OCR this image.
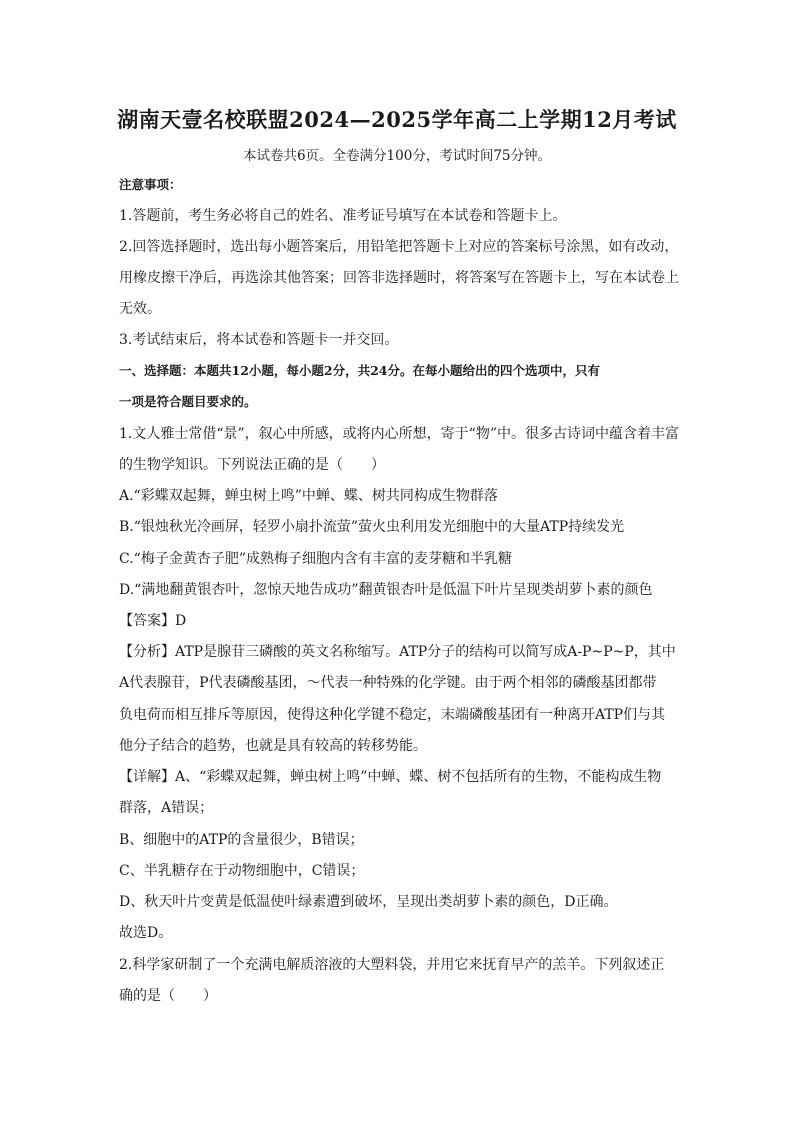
湖南天壹名校联盟2024—2025学年高二上学期12月考试
本试卷共6页。全卷满分100分，考试时间75分钟。
注意事项：
1.答题前，考生务必将自己的姓名、准考证号填写在本试卷和答题卡上。
2.回答选择题时，选出每小题答案后，用铅笔把答题卡上对应的答案标号涂黑，如有改动，
用橡皮擦干净后，再选涂其他答案；回答非选择题时，将答案写在答题卡上，写在本试卷上
无效。
3.考试结束后，将本试卷和答题卡一并交回。
一、选择题：本题共12小题，每小题2分，共24分。在每小题给出的四个选项中，只有
一项是符合题目要求的。
1.文人雅士常借“景”，叙心中所感，或将内心所想，寄于“物”中。很多古诗词中蕴含着丰富
的生物学知识。下列说法正确的是（　　）
A.“彩蝶双起舞，蝉虫树上鸣”中蝉、蝶、树共同构成生物群落
B.“银烛秋光冷画屏，轻罗小扇扑流萤”萤火虫利用发光细胞中的大量ATP持续发光
C.“梅子金黄杏子肥”成熟梅子细胞内含有丰富的麦芽糖和半乳糖
D.“满地翻黄银杏叶，忽惊天地告成功”翻黄银杏叶是低温下叶片呈现类胡萝卜素的颜色
【答案】D
【分析】ATP是腺苷三磷酸的英文名称缩写。ATP分子的结构可以简写成A-P~P~P，其中
A代表腺苷，P代表磷酸基团，～代表一种特殊的化学键。由于两个相邻的磷酸基团都带
负电荷而相互排斥等原因，使得这种化学键不稳定，末端磷酸基团有一种离开ATP们与其
他分子结合的趋势，也就是具有较高的转移势能。
【详解】A、“彩蝶双起舞，蝉虫树上鸣”中蝉、蝶、树不包括所有的生物，不能构成生物
群落，A错误；
B、细胞中的ATP的含量很少，B错误；
C、半乳糖存在于动物细胞中，C错误；
D、秋天叶片变黄是低温使叶绿素遭到破坏，呈现出类胡萝卜素的颜色，D正确。
故选D。
2.科学家研制了一个充满电解质溶液的大塑料袋，并用它来抚育早产的羔羊。下列叙述正
确的是（　　）
